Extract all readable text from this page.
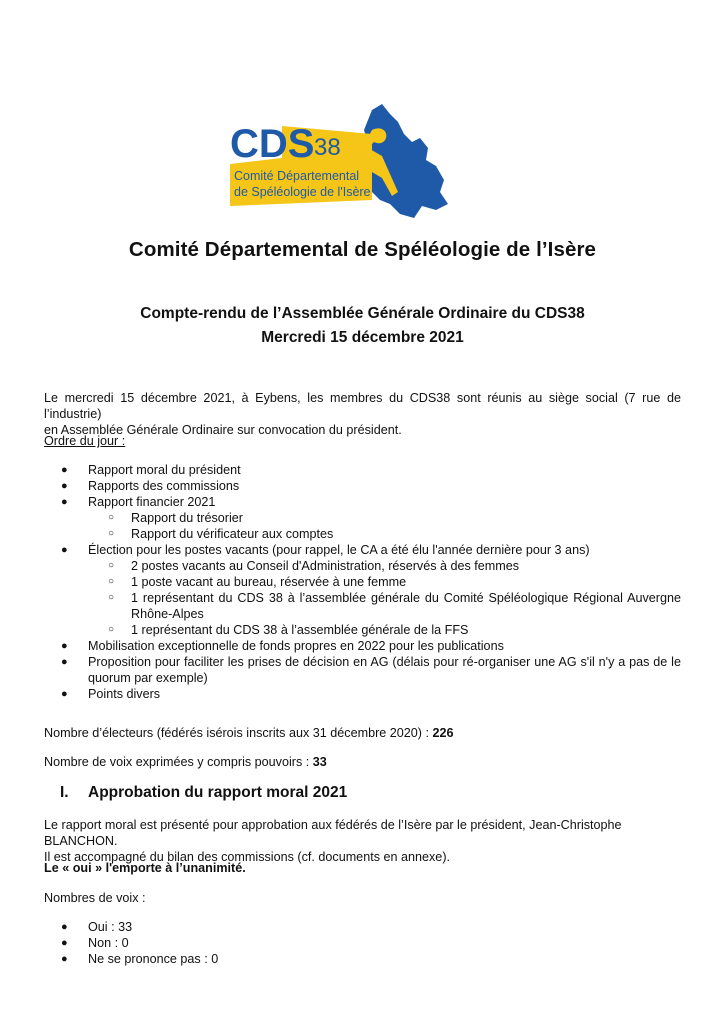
CDS 38
Comité Départemental
de Spéléologie de l'Isère
Comité Départemental de Spéléologie de l’Isère
Compte-rendu de l’Assemblée Générale Ordinaire du CDS38
Mercredi 15 décembre 2021
Le mercredi 15 décembre 2021, à Eybens, les membres du CDS38 sont réunis au siège social (7 rue de l’industrie)
en Assemblée Générale Ordinaire sur convocation du président.
Ordre du jour :
● Rapport moral du président
● Rapports des commissions
● Rapport financier 2021
○ Rapport du trésorier
○ Rapport du vérificateur aux comptes
● Élection pour les postes vacants (pour rappel, le CA a été élu l'année dernière pour 3 ans)
○ 2 postes vacants au Conseil d'Administration, réservés à des femmes
○ 1 poste vacant au bureau, réservée à une femme
○ 1 représentant du CDS 38 à l’assemblée générale du Comité Spéléologique Régional Auvergne Rhône-Alpes
○ 1 représentant du CDS 38 à l’assemblée générale de la FFS
● Mobilisation exceptionnelle de fonds propres en 2022 pour les publications
● Proposition pour faciliter les prises de décision en AG (délais pour ré-organiser une AG s'il n'y a pas de le quorum par exemple)
● Points divers
Nombre d’électeurs (fédérés isérois inscrits aux 31 décembre 2020) : 226
Nombre de voix exprimées y compris pouvoirs : 33
I. Approbation du rapport moral 2021
Le rapport moral est présenté pour approbation aux fédérés de l’Isère par le président, Jean-Christophe BLANCHON.
Il est accompagné du bilan des commissions (cf. documents en annexe).
Le « oui » l'emporte à l’unanimité.
Nombres de voix :
● Oui : 33
● Non : 0
● Ne se prononce pas : 0
